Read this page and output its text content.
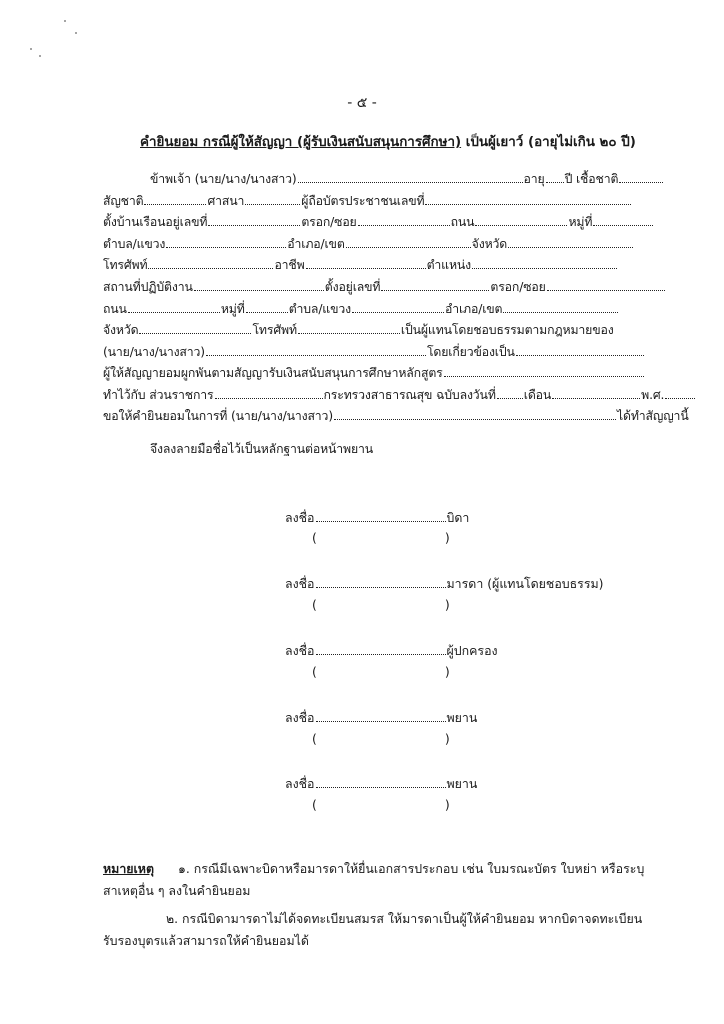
- ๕ -
คํายินยอม กรณีผู้ให้สัญญา (ผู้รับเงินสนับสนุนการศึกษา) เป็นผู้เยาว์ (อายุไม่เกิน ๒๐ ปี)
ข้าพเจ้า (นาย/นาง/นางสาว)	อายุ ปี เชื้อชาติ
สัญชาติ	ศาสนา	ผู้ถือบัตรประชาชนเลขที่
ตั้งบ้านเรือนอยู่เลขที่	ตรอก/ซอย	ถนน	หมู่ที่
ตําบล/แขวง	อําเภอ/เขต	จังหวัด
โทรศัพท์	อาชีพ	ตําแหน่ง
สถานที่ปฏิบัติงาน	ตั้งอยู่เลขที่	ตรอก/ซอย
ถนน	หมู่ที่	ตําบล/แขวง	อําเภอ/เขต
จังหวัด	โทรศัพท์	เป็นผู้แทนโดยชอบธรรมตามกฎหมายของ
(นาย/นาง/นางสาว)	โดยเกี่ยวข้องเป็น
ผู้ให้สัญญายอมผูกพันตามสัญญารับเงินสนับสนุนการศึกษาหลักสูตร
ทําไว้กับ ส่วนราชการ	กระทรวงสาธารณสุข ฉบับลงวันที่ เดือน	พ.ศ.
ขอให้คํายินยอมในการที่ (นาย/นาง/นางสาว)	ได้ทําสัญญานี้
จึงลงลายมือชื่อไว้เป็นหลักฐานต่อหน้าพยาน
ลงชื่อ	บิดา
(	)
ลงชื่อ	มารดา (ผู้แทนโดยชอบธรรม)
(	)
ลงชื่อ	ผู้ปกครอง
(	)
ลงชื่อ	พยาน
(	)
ลงชื่อ	พยาน
(	)
หมายเหตุ ๑. กรณีมีเฉพาะบิดาหรือมารดาให้ยื่นเอกสารประกอบ เช่น ใบมรณะบัตร ใบหย่า หรือระบุ
สาเหตุอื่น ๆ ลงในคํายินยอม
๒. กรณีบิดามารดาไม่ได้จดทะเบียนสมรส ให้มารดาเป็นผู้ให้คํายินยอม หากบิดาจดทะเบียน
รับรองบุตรแล้วสามารถให้คํายินยอมได้
